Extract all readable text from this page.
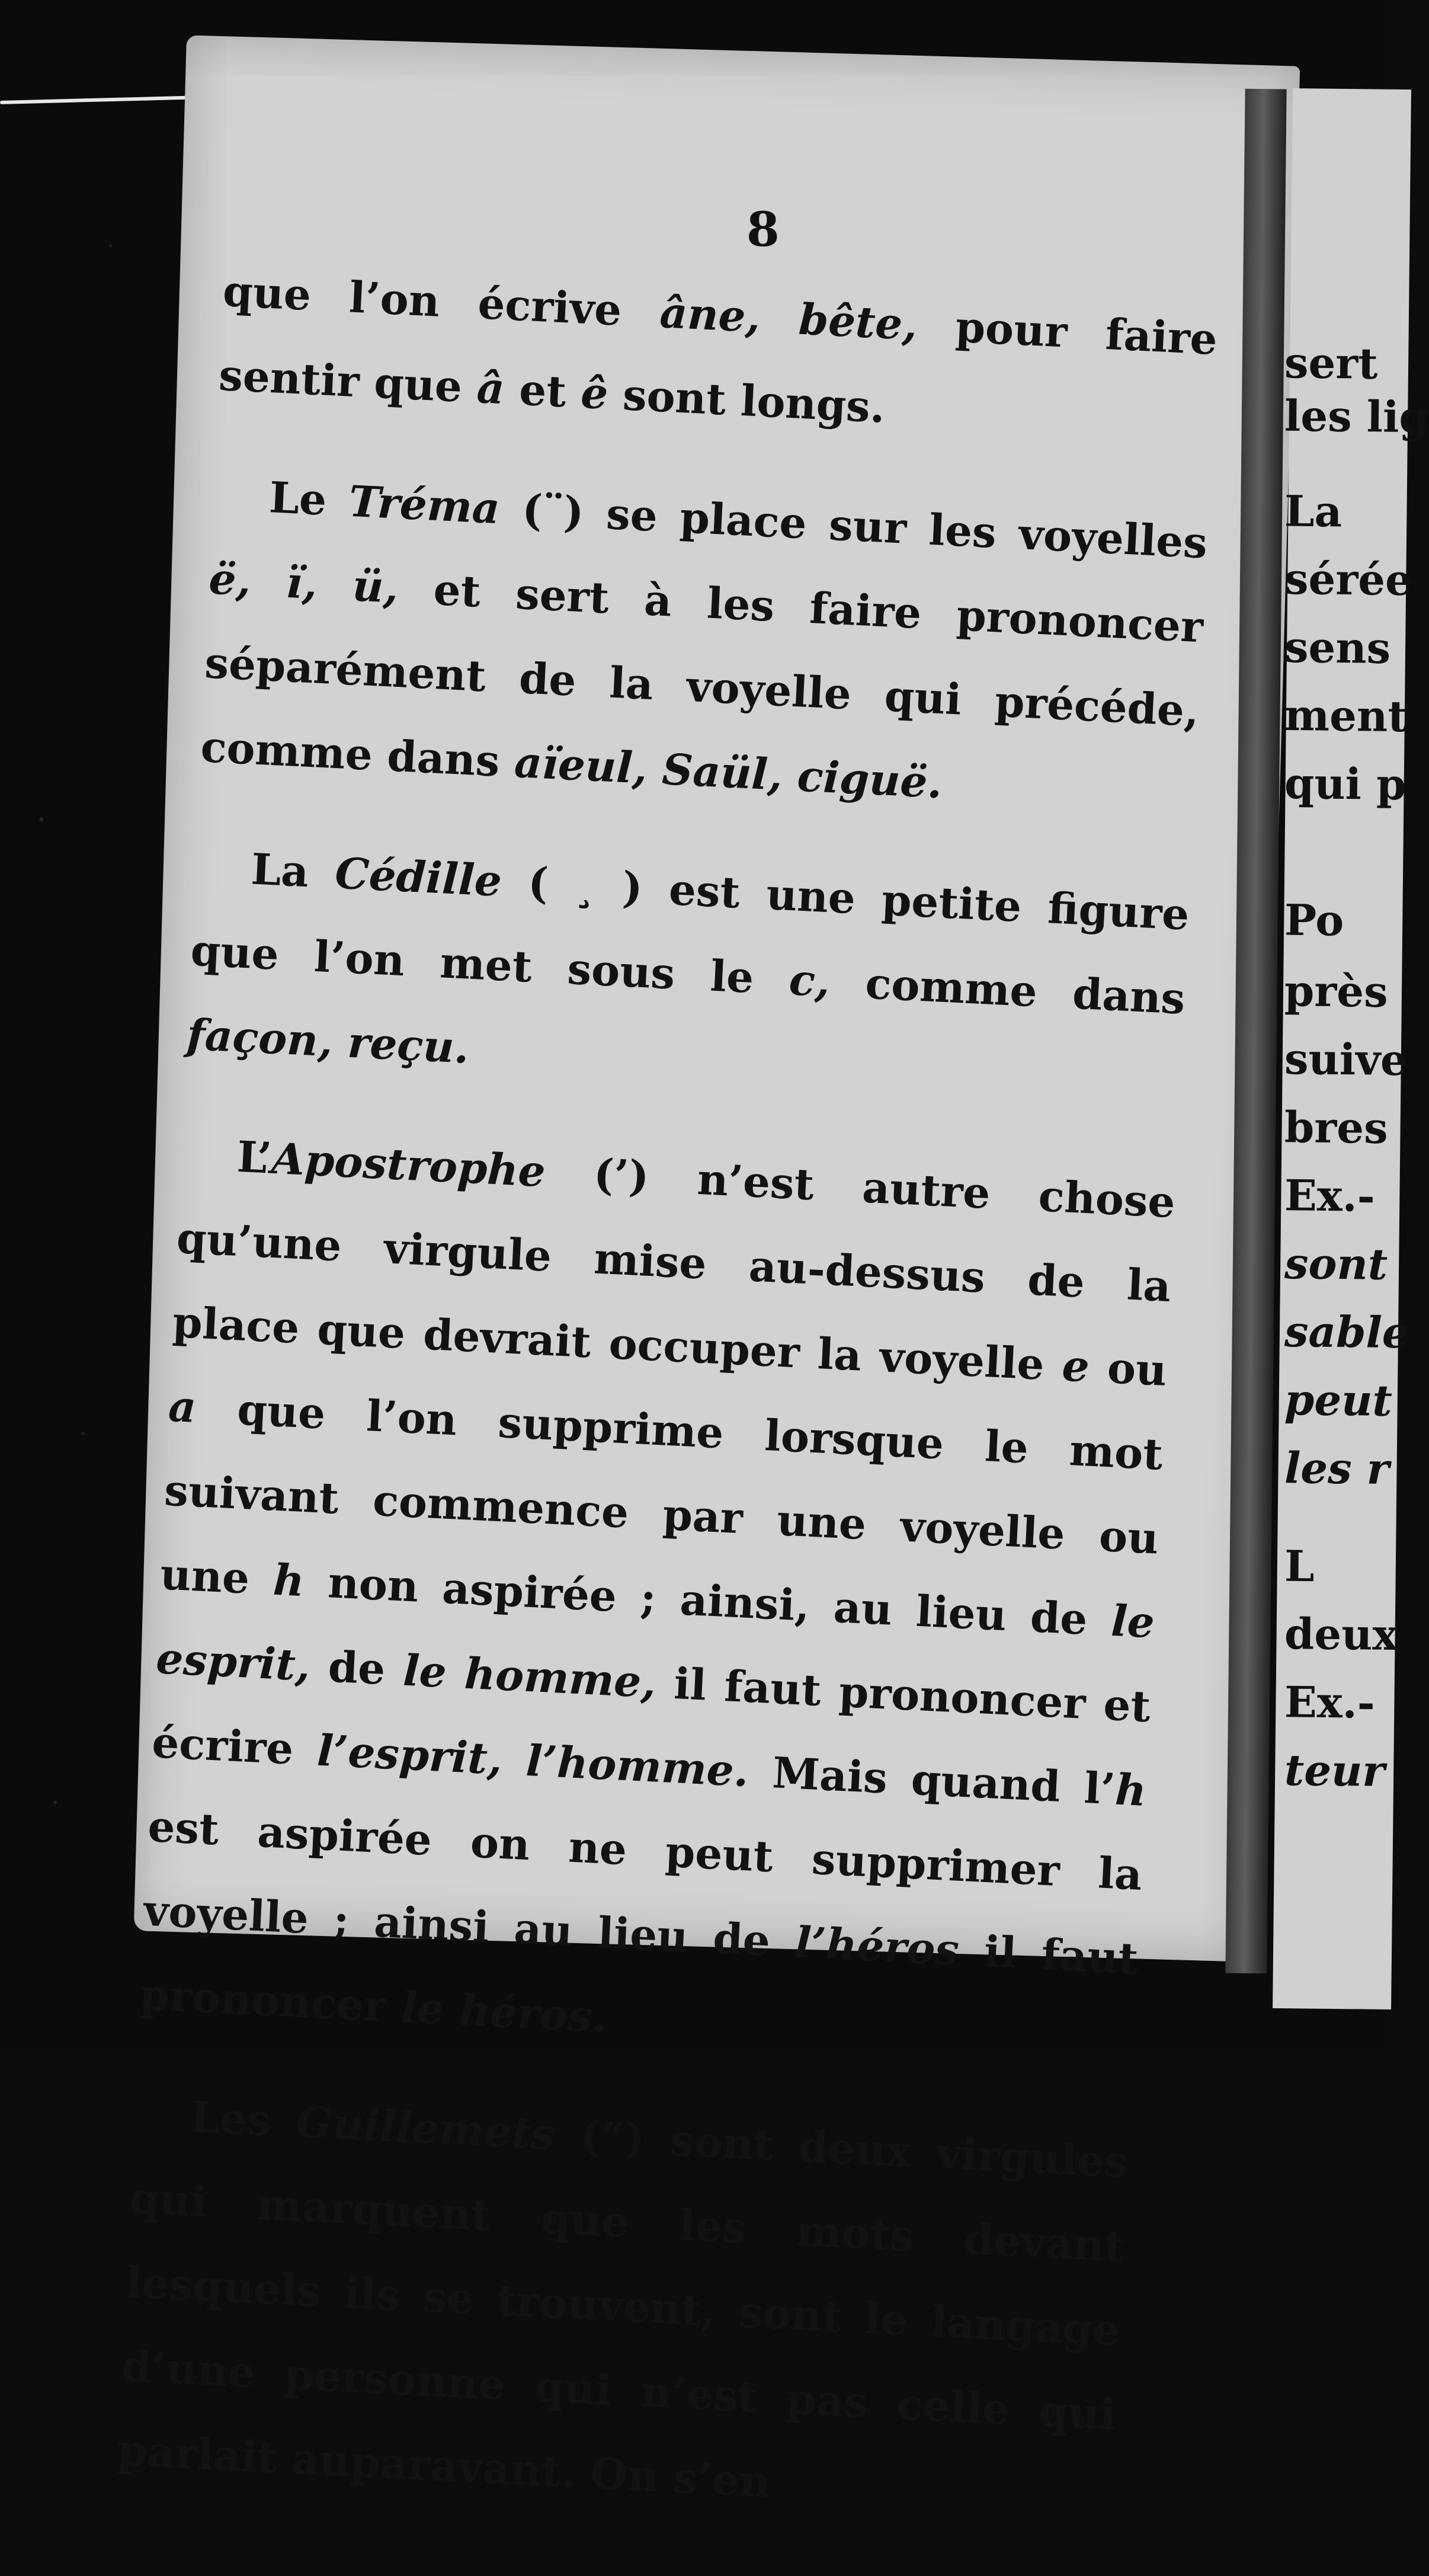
sert
les lig
La
sérée
sens
ment
qui p
Po
près
suive
bres
Ex.-
sont
sable
peut
les r
L
deux
Ex.-
teur
8

que l’on écrive âne, bête, pour faire sentir que â et ê sont longs.

Le Tréma (¨) se place sur les voyelles ë, ï, ü, et sert à les faire prononcer séparément de la voyelle qui précéde, comme dans aïeul, Saül, ciguë.

La Cédille ( ¸ ) est une petite figure que l’on met sous le c, comme dans façon, reçu.

L’Apostrophe (’) n’est autre chose qu’une virgule mise au-dessus de la place que devrait occuper la voyelle e ou a que l’on supprime lorsque le mot suivant commence par une voyelle ou une h non aspirée ; ainsi, au lieu de le esprit, de le homme, il faut prononcer et écrire l’esprit, l’homme. Mais quand l’h est aspirée on ne peut supprimer la voyelle ; ainsi au lieu de l’héros il faut prononcer le héros.

Les Guillemets (“) sont deux virgules qui marquent que les mots devant lesquels ils se trouvent, sont le langage d’une personne qui n’est pas celle qui parlait auparavant. On s’en
